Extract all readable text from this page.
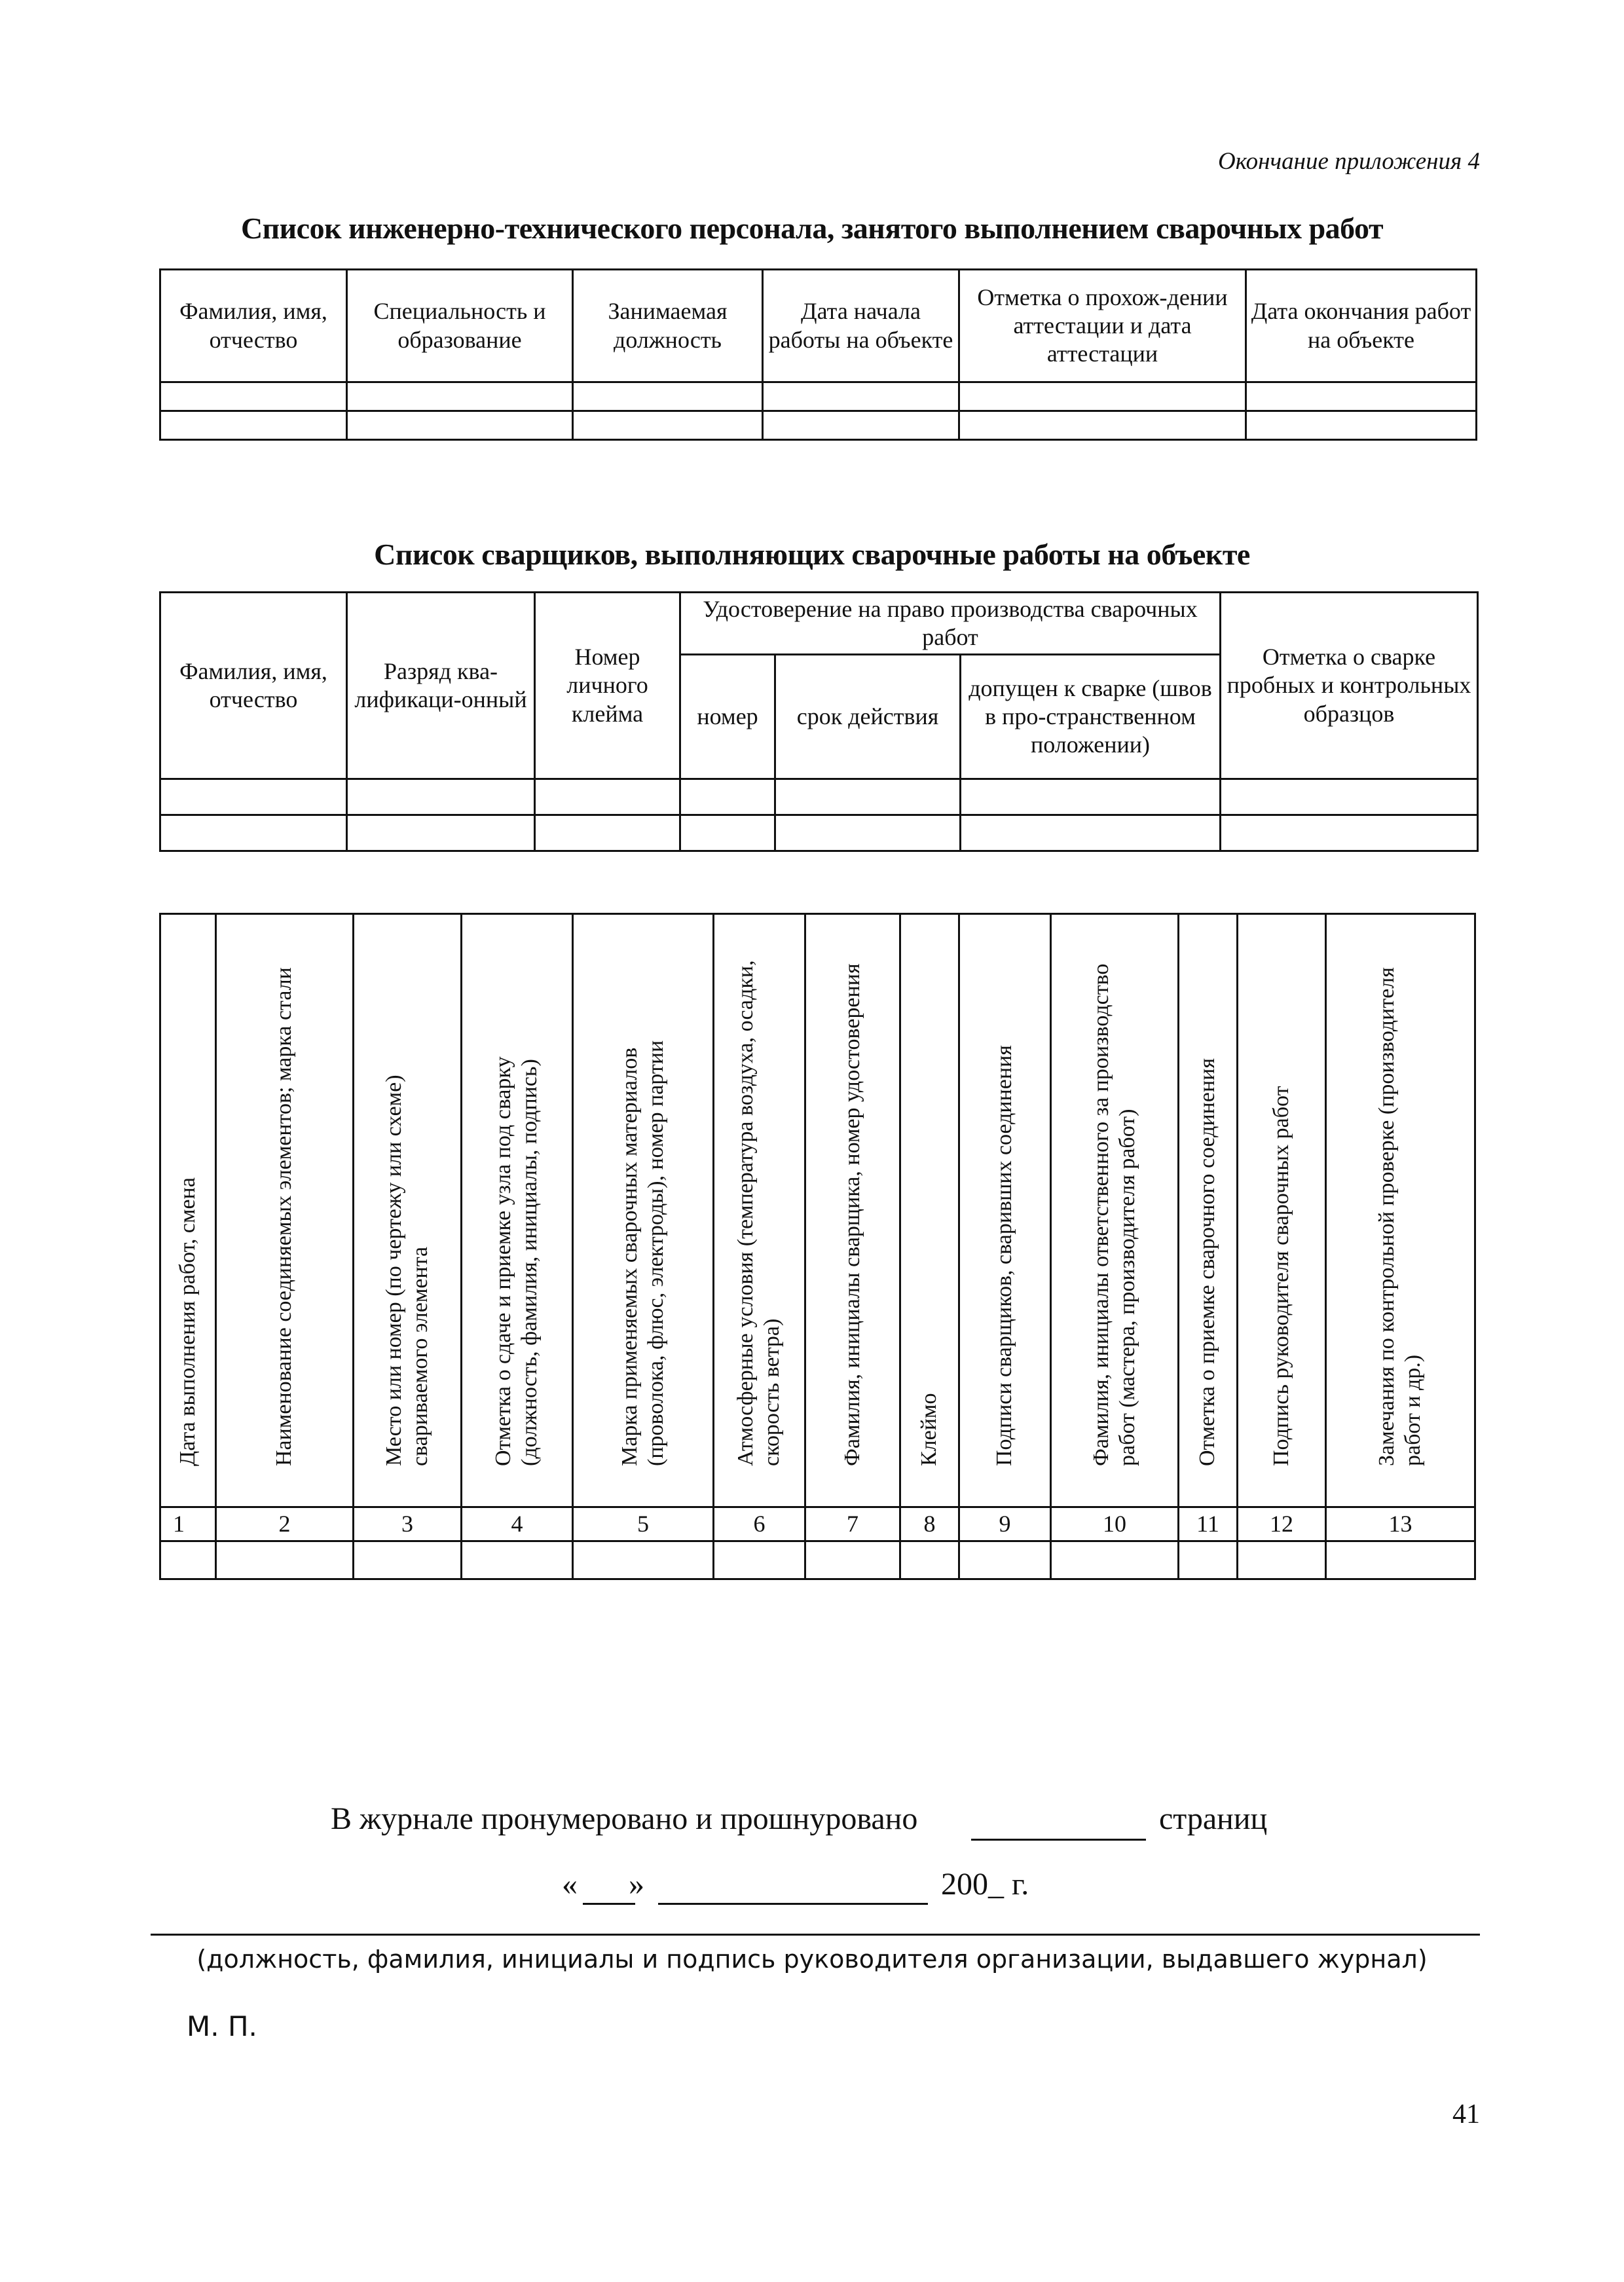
Окончание приложения 4
Список инженерно-технического персонала, занятого выполнением сварочных работ
Фамилия, имя, отчество	Специальность и образование	Занимаемая должность	Дата начала работы на объекте	Отметка о прохож-дении аттестации и дата аттестации	Дата окончания работ на объекте

Список сварщиков, выполняющих сварочные работы на объекте
Фамилия, имя, отчество	Разряд ква-лификаци-онный	Номер личного клейма	Удостоверение на право производства сварочных работ			Отметка о сварке пробных и контрольных образцов
			номер	срок действия	допущен к сварке (швов в про-странственном положении)	

Дата выполнения работ, смена	Наименование соединяемых элементов; марка стали	Место или номер (по чертежу или схеме) свариваемого элемента	Отметка о сдаче и приемке узла под сварку (должность, фамилия, инициалы, подпись)	Марка применяемых сварочных материалов (проволока, флюс, электроды), номер партии	Атмосферные условия (температура воздуха, осадки, скорость ветра)	Фамилия, инициалы сварщика, номер удостоверения	Клеймо	Подписи сварщиков, сваривших соединения	Фамилия, инициалы ответственного за производство работ (мастера, производителя работ)	Отметка о приемке сварочного соединения	Подпись руководителя сварочных работ	Замечания по контрольной проверке (производителя работ и др.)

1	2	3	4	5	6	7	8	9	10	11	12	13

В журнале пронумеровано и прошнуровано	страниц
« »	200_ г.
(должность, фамилия, инициалы и подпись руководителя организации, выдавшего журнал)
М. П.
41
